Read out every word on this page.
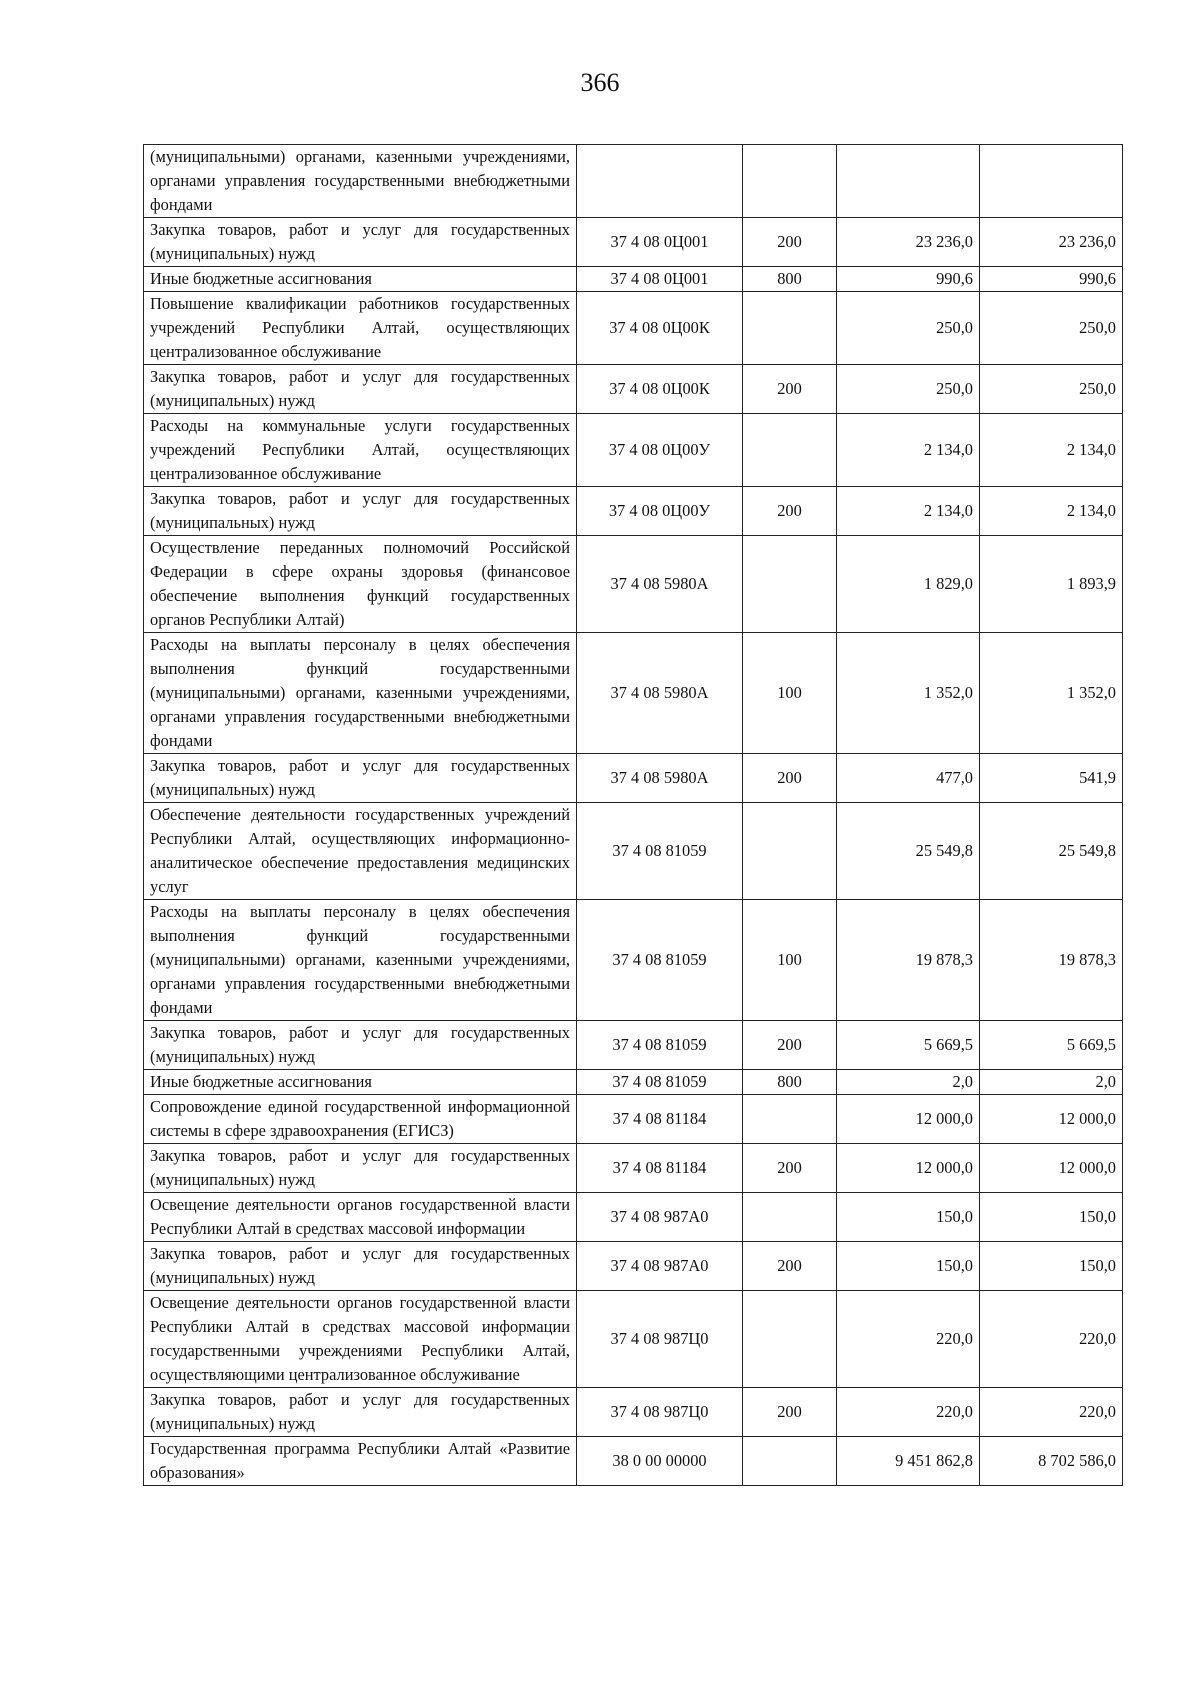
366
(муниципальными) органами, казенными учреждениями, органами управления государственными внебюджетными фондами				
Закупка товаров, работ и услуг для государственных (муниципальных) нужд	37 4 08 0Ц001	200	23 236,0	23 236,0
Иные бюджетные ассигнования	37 4 08 0Ц001	800	990,6	990,6
Повышение квалификации работников государственных учреждений Республики Алтай, осуществляющих централизованное обслуживание	37 4 08 0Ц00К		250,0	250,0
Закупка товаров, работ и услуг для государственных (муниципальных) нужд	37 4 08 0Ц00К	200	250,0	250,0
Расходы на коммунальные услуги государственных учреждений Республики Алтай, осуществляющих централизованное обслуживание	37 4 08 0Ц00У		2 134,0	2 134,0
Закупка товаров, работ и услуг для государственных (муниципальных) нужд	37 4 08 0Ц00У	200	2 134,0	2 134,0
Осуществление переданных полномочий Российской Федерации в сфере охраны здоровья (финансовое обеспечение выполнения функций государственных органов Республики Алтай)	37 4 08 5980А		1 829,0	1 893,9
Расходы на выплаты персоналу в целях обеспечения выполнения функций государственными (муниципальными) органами, казенными учреждениями, органами управления государственными внебюджетными фондами	37 4 08 5980А	100	1 352,0	1 352,0
Закупка товаров, работ и услуг для государственных (муниципальных) нужд	37 4 08 5980А	200	477,0	541,9
Обеспечение деятельности государственных учреждений Республики Алтай, осуществляющих информационно-аналитическое обеспечение предоставления медицинских услуг	37 4 08 81059		25 549,8	25 549,8
Расходы на выплаты персоналу в целях обеспечения выполнения функций государственными (муниципальными) органами, казенными учреждениями, органами управления государственными внебюджетными фондами	37 4 08 81059	100	19 878,3	19 878,3
Закупка товаров, работ и услуг для государственных (муниципальных) нужд	37 4 08 81059	200	5 669,5	5 669,5
Иные бюджетные ассигнования	37 4 08 81059	800	2,0	2,0
Сопровождение единой государственной информационной системы в сфере здравоохранения (ЕГИСЗ)	37 4 08 81184		12 000,0	12 000,0
Закупка товаров, работ и услуг для государственных (муниципальных) нужд	37 4 08 81184	200	12 000,0	12 000,0
Освещение деятельности органов государственной власти Республики Алтай в средствах массовой информации	37 4 08 987А0		150,0	150,0
Закупка товаров, работ и услуг для государственных (муниципальных) нужд	37 4 08 987А0	200	150,0	150,0
Освещение деятельности органов государственной власти Республики Алтай в средствах массовой информации государственными учреждениями Республики Алтай, осуществляющими централизованное обслуживание	37 4 08 987Ц0		220,0	220,0
Закупка товаров, работ и услуг для государственных (муниципальных) нужд	37 4 08 987Ц0	200	220,0	220,0
Государственная программа Республики Алтай «Развитие образования»	38 0 00 00000		9 451 862,8	8 702 586,0
